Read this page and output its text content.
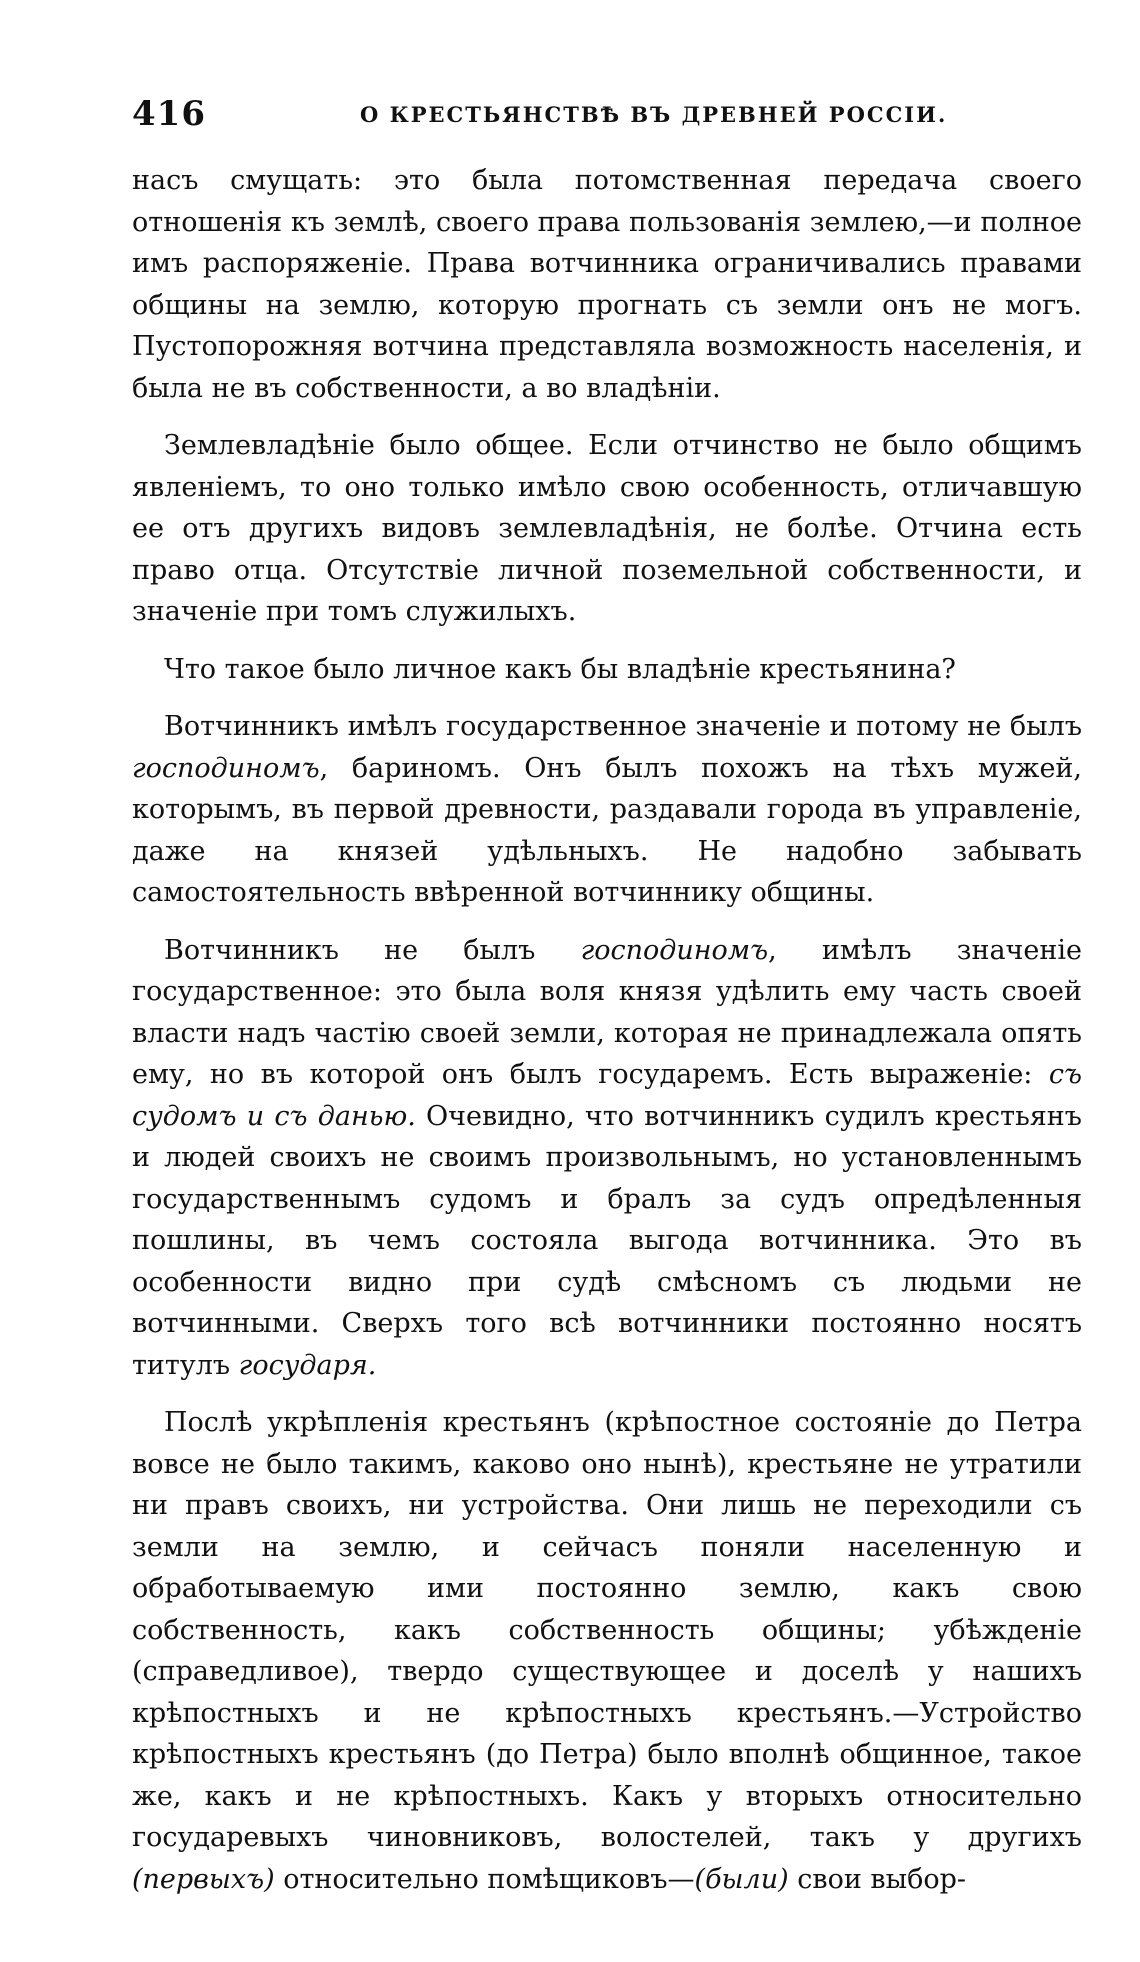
416	О КРЕСТЬЯНСТВѢ ВЪ ДРЕВНЕЙ РОССІИ.

насъ смущать: это была потомственная передача своего отношенія къ землѣ, своего права пользованія землею,—и полное имъ распоряженіе. Права вотчинника ограничивались правами общины на землю, которую прогнать съ земли онъ не могъ. Пустопорожняя вотчина представляла возможность населенія, и была не въ собственности, а во владѣніи.

Землевладѣніе было общее. Если отчинство не было общимъ явленіемъ, то оно только имѣло свою особенность, отличавшую ее отъ другихъ видовъ землевладѣнія, не болѣе. Отчина есть право отца. Отсутствіе личной поземельной собственности, и значеніе при томъ служилыхъ.

Что такое было личное какъ бы владѣніе крестьянина?

Вотчинникъ имѣлъ государственное значеніе и потому не былъ господиномъ, бариномъ. Онъ былъ похожъ на тѣхъ мужей, которымъ, въ первой древности, раздавали города въ управленіе, даже на князей удѣльныхъ. Не надобно забывать самостоятельность ввѣренной вотчиннику общины.

Вотчинникъ не былъ господиномъ, имѣлъ значеніе государственное: это была воля князя удѣлить ему часть своей власти надъ частію своей земли, которая не принадлежала опять ему, но въ которой онъ былъ государемъ. Есть выраженіе: съ судомъ и съ данью. Очевидно, что вотчинникъ судилъ крестьянъ и людей своихъ не своимъ произвольнымъ, но установленнымъ государственнымъ судомъ и бралъ за судъ опредѣленныя пошлины, въ чемъ состояла выгода вотчинника. Это въ особенности видно при судѣ смѣсномъ съ людьми не вотчинными. Сверхъ того всѣ вотчинники постоянно носятъ титулъ государя.

Послѣ укрѣпленія крестьянъ (крѣпостное состояніе до Петра вовсе не было такимъ, каково оно нынѣ), крестьяне не утратили ни правъ своихъ, ни устройства. Они лишь не переходили съ земли на землю, и сейчасъ поняли населенную и обработываемую ими постоянно землю, какъ свою собственность, какъ собственность общины; убѣжденіе (справедливое), твердо существующее и доселѣ у нашихъ крѣпостныхъ и не крѣпостныхъ крестьянъ.—Устройство крѣпостныхъ крестьянъ (до Петра) было вполнѣ общинное, такое же, какъ и не крѣпостныхъ. Какъ у вторыхъ относительно государевыхъ чиновниковъ, волостелей, такъ у другихъ (первыхъ) относительно помѣщиковъ—(были) свои выбор-
